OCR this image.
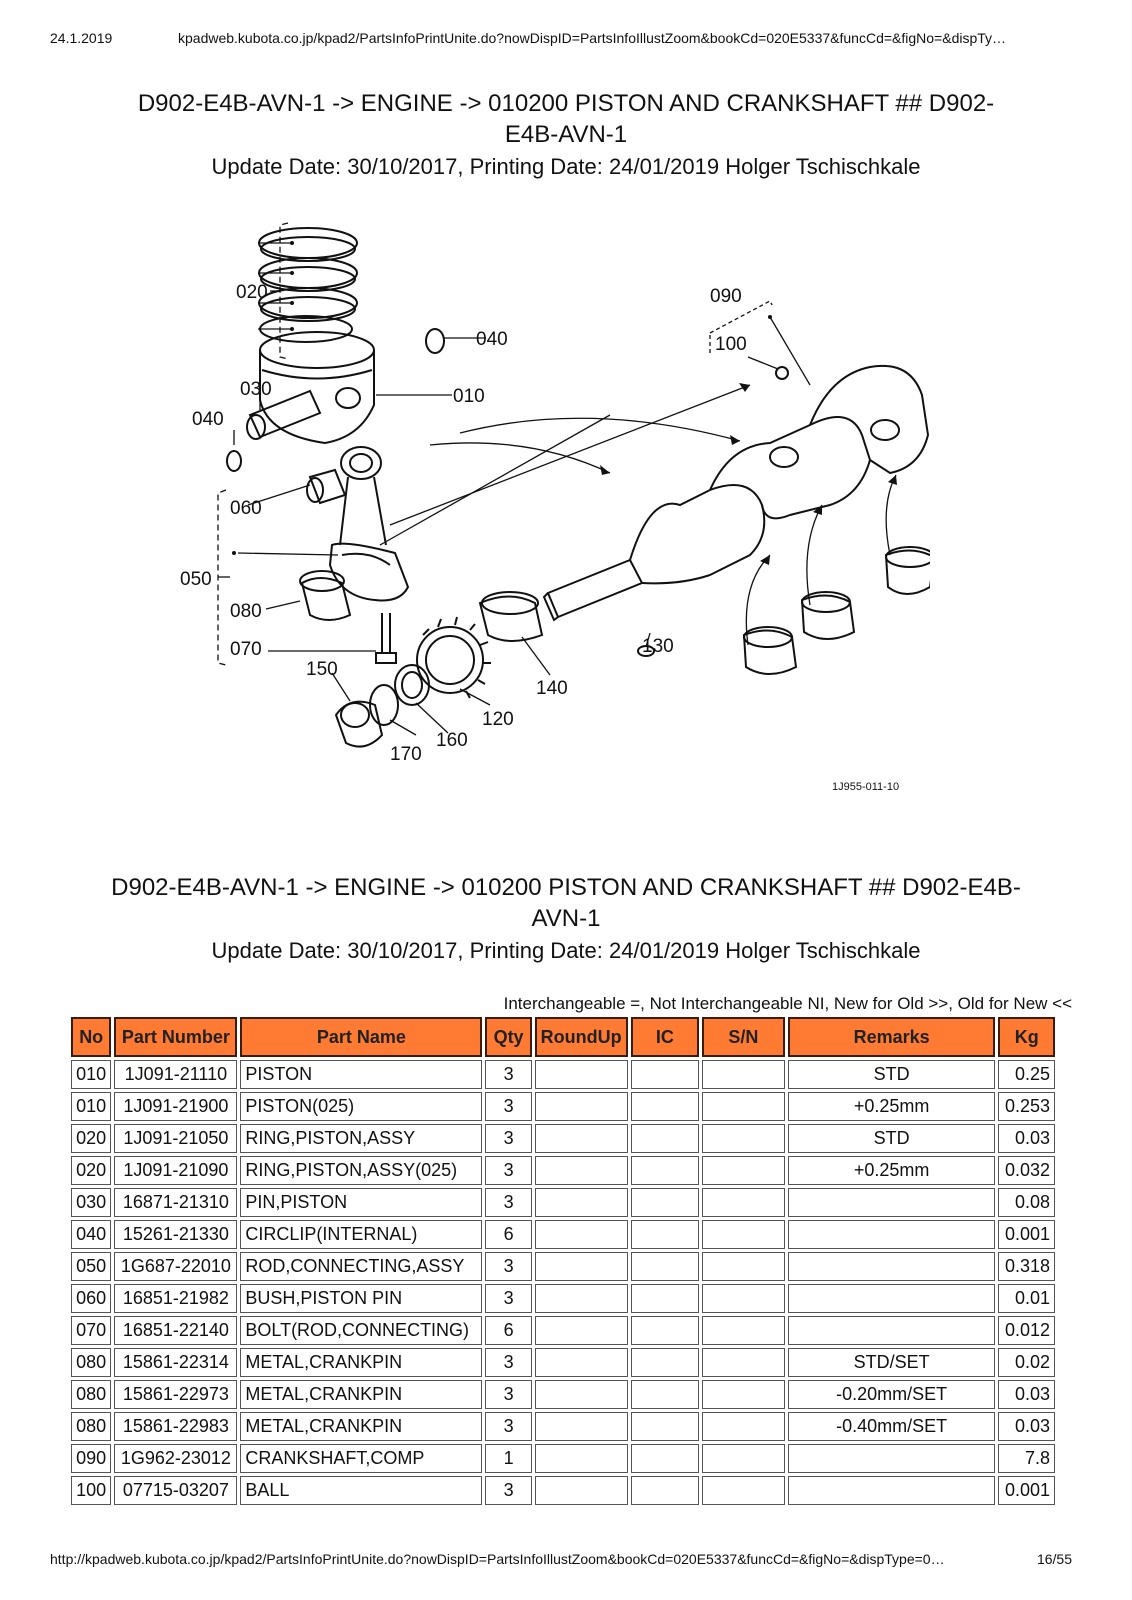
24.1.2019	kpadweb.kubota.co.jp/kpad2/PartsInfoPrintUnite.do?nowDispID=PartsInfoIllustZoom&bookCd=020E5337&funcCd=&figNo=&dispTy…
D902-E4B-AVN-1 -> ENGINE -> 010200 PISTON AND CRANKSHAFT ## D902-
E4B-AVN-1
Update Date: 30/10/2017, Printing Date: 24/01/2019 Holger Tschischkale
020
040
010
030
040
060
050
080
070
150
170
160
120
140
130
090
100
1J955-011-10
D902-E4B-AVN-1 -> ENGINE -> 010200 PISTON AND CRANKSHAFT ## D902-E4B-
AVN-1
Update Date: 30/10/2017, Printing Date: 24/01/2019 Holger Tschischkale
Interchangeable =, Not Interchangeable NI, New for Old >>, Old for New <<
No	Part Number	Part Name	Qty	RoundUp	IC	S/N	Remarks	Kg
010	1J091-21110	PISTON	3				STD	0.25
010	1J091-21900	PISTON(025)	3				+0.25mm	0.253
020	1J091-21050	RING,PISTON,ASSY	3				STD	0.03
020	1J091-21090	RING,PISTON,ASSY(025)	3				+0.25mm	0.032
030	16871-21310	PIN,PISTON	3					0.08
040	15261-21330	CIRCLIP(INTERNAL)	6					0.001
050	1G687-22010	ROD,CONNECTING,ASSY	3					0.318
060	16851-21982	BUSH,PISTON PIN	3					0.01
070	16851-22140	BOLT(ROD,CONNECTING)	6					0.012
080	15861-22314	METAL,CRANKPIN	3				STD/SET	0.02
080	15861-22973	METAL,CRANKPIN	3				-0.20mm/SET	0.03
080	15861-22983	METAL,CRANKPIN	3				-0.40mm/SET	0.03
090	1G962-23012	CRANKSHAFT,COMP	1					7.8
100	07715-03207	BALL	3					0.001
http://kpadweb.kubota.co.jp/kpad2/PartsInfoPrintUnite.do?nowDispID=PartsInfoIllustZoom&bookCd=020E5337&funcCd=&figNo=&dispType=0…	16/55
